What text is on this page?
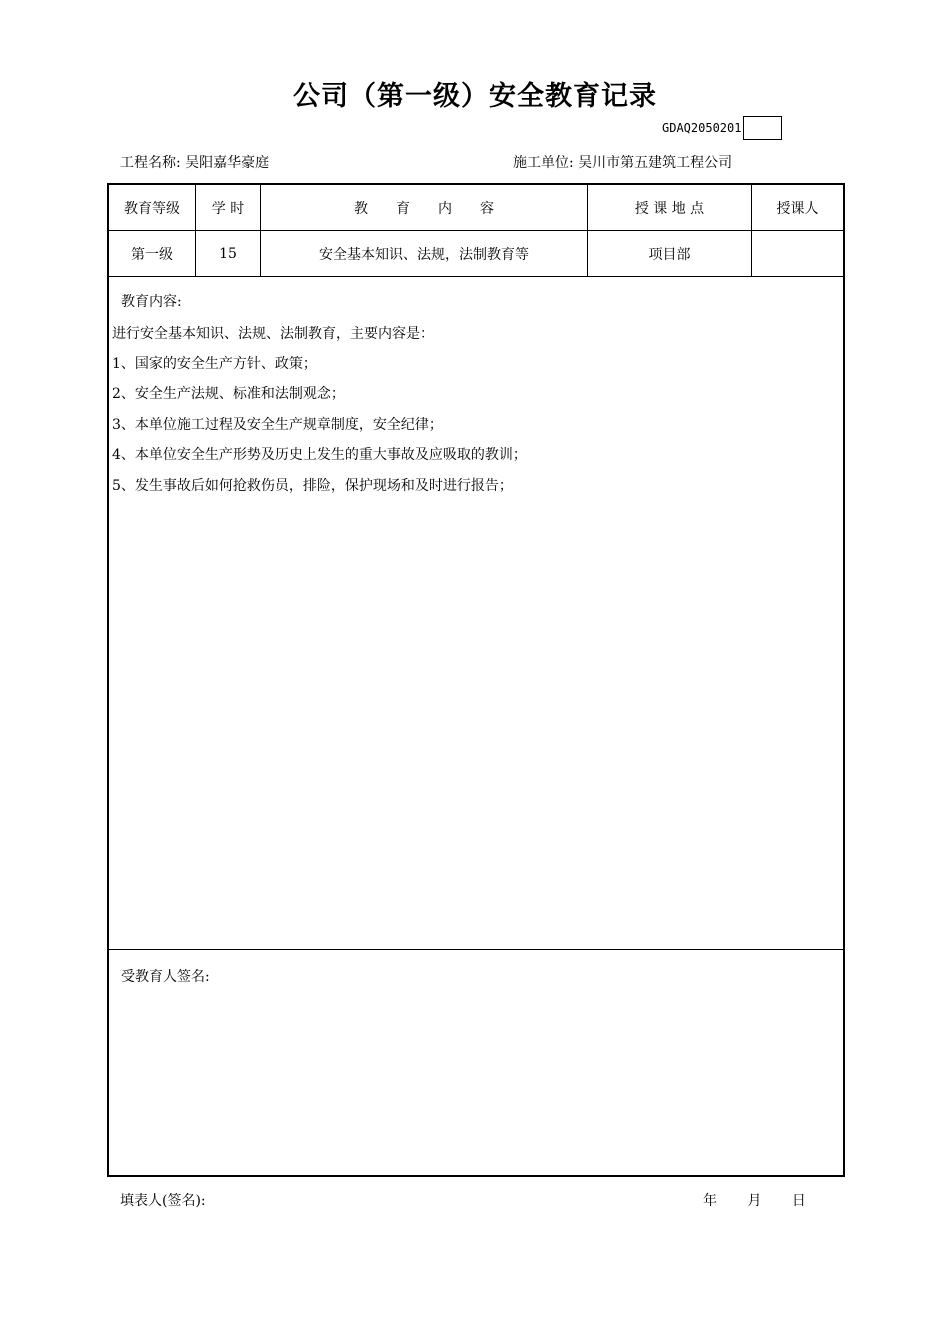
公司（第一级）安全教育记录
GDAQ2050201
工程名称: 吴阳嘉华豪庭	施工单位: 吴川市第五建筑工程公司
教育等级	学 时	教　　育　　内　　容	授 课 地 点	授课人
第一级	15	安全基本知识、法规，法制教育等	项目部
教育内容:
进行安全基本知识、法规、法制教育，主要内容是：
1、国家的安全生产方针、政策；
2、安全生产法规、标准和法制观念；
3、本单位施工过程及安全生产规章制度，安全纪律；
4、本单位安全生产形势及历史上发生的重大事故及应吸取的教训；
5、发生事故后如何抢救伤员，排险，保护现场和及时进行报告；
受教育人签名:
填表人(签名):	年 月 日
